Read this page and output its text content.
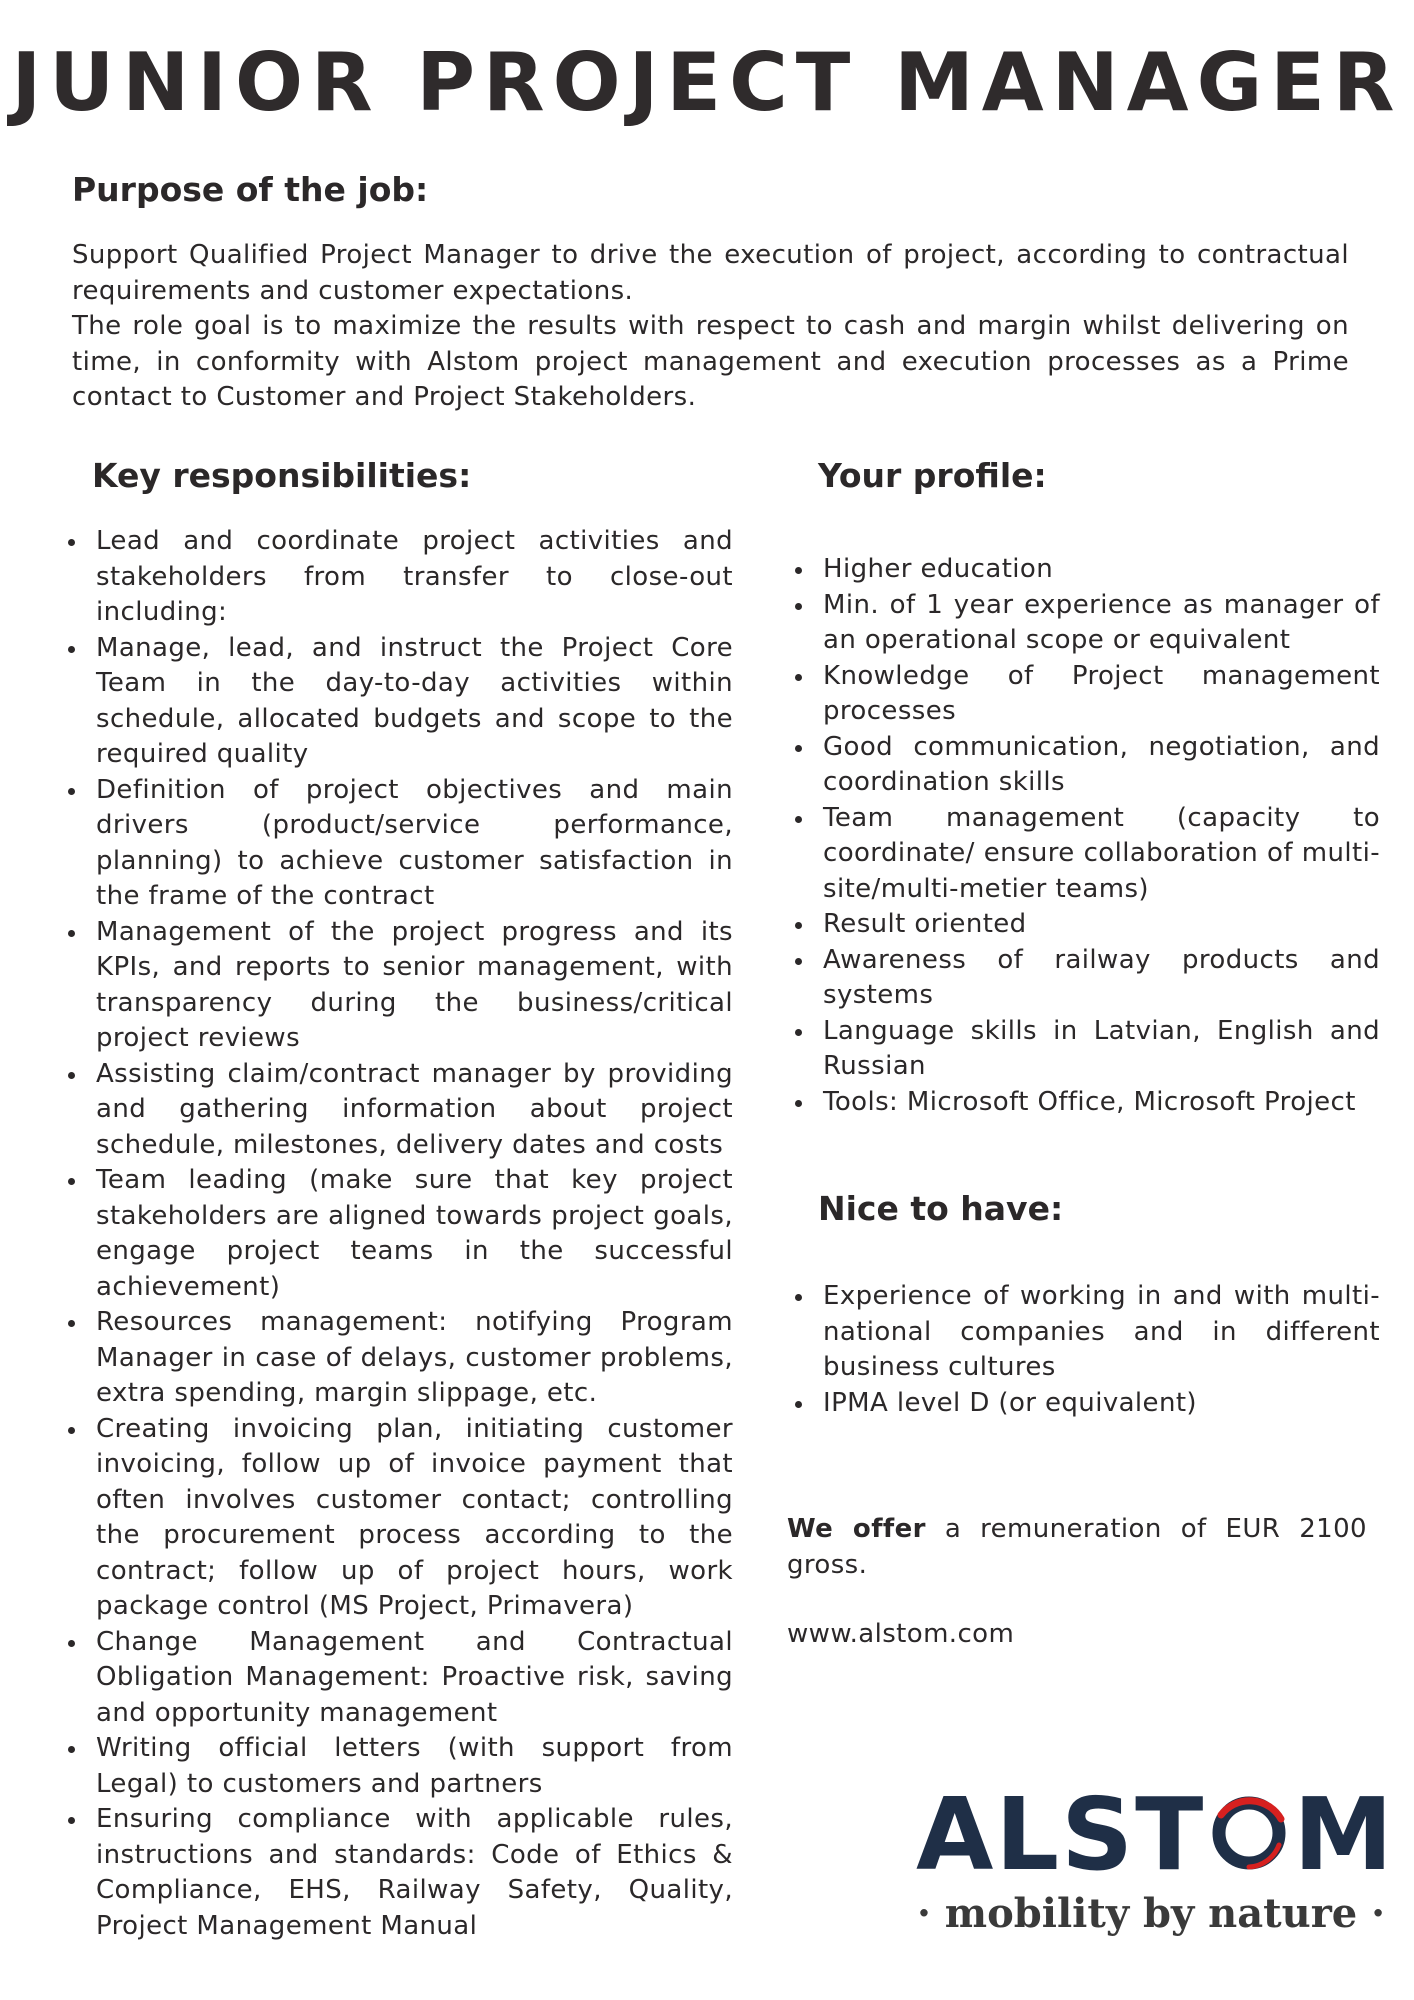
JUNIOR PROJECT MANAGER
Purpose of the job:

Support Qualified Project Manager to drive the execution of project, according to contractual requirements and customer expectations.

The role goal is to maximize the results with respect to cash and margin whilst delivering on time, in conformity with Alstom project management and execution processes as a Prime contact to Customer and Project Stakeholders.

Key responsibilities:
Lead and coordinate project activities and stakeholders from transfer to close-out including:
Manage, lead, and instruct the Project Core Team in the day-to-day activities within schedule, allocated budgets and scope to the required quality
Definition of project objectives and main drivers (product/service performance, planning) to achieve customer satisfaction in the frame of the contract
Management of the project progress and its KPIs, and reports to senior management, with transparency during the business/critical project reviews
Assisting claim/contract manager by providing and gathering information about project schedule, milestones, delivery dates and costs
Team leading (make sure that key project stakeholders are aligned towards project goals, engage project teams in the successful achievement)
Resources management: notifying Program Manager in case of delays, customer problems, extra spending, margin slippage, etc.
Creating invoicing plan, initiating customer invoicing, follow up of invoice payment that often involves customer contact; controlling the procurement process according to the contract; follow up of project hours, work package control (MS Project, Primavera)
Change Management and Contractual Obligation Management: Proactive risk, saving and opportunity management
Writing official letters (with support from Legal) to customers and partners
Ensuring compliance with applicable rules, instructions and standards: Code of Ethics & Compliance, EHS, Railway Safety, Quality, Project Management Manual
Your profile:
Higher education
Min. of 1 year experience as manager of an operational scope or equivalent
Knowledge of Project management processes
Good communication, negotiation, and coordination skills
Team management (capacity to coordinate/ ensure collaboration of multi-site/multi-metier teams)
Result oriented
Awareness of railway products and systems
Language skills in Latvian, English and Russian
Tools: Microsoft Office, Microsoft Project
Nice to have:
Experience of working in and with multi-national companies and in different business cultures
IPMA level D (or equivalent)

We offer a remuneration of EUR 2100 gross.

www.alstom.com

ALST M
· mobility by nature ·
